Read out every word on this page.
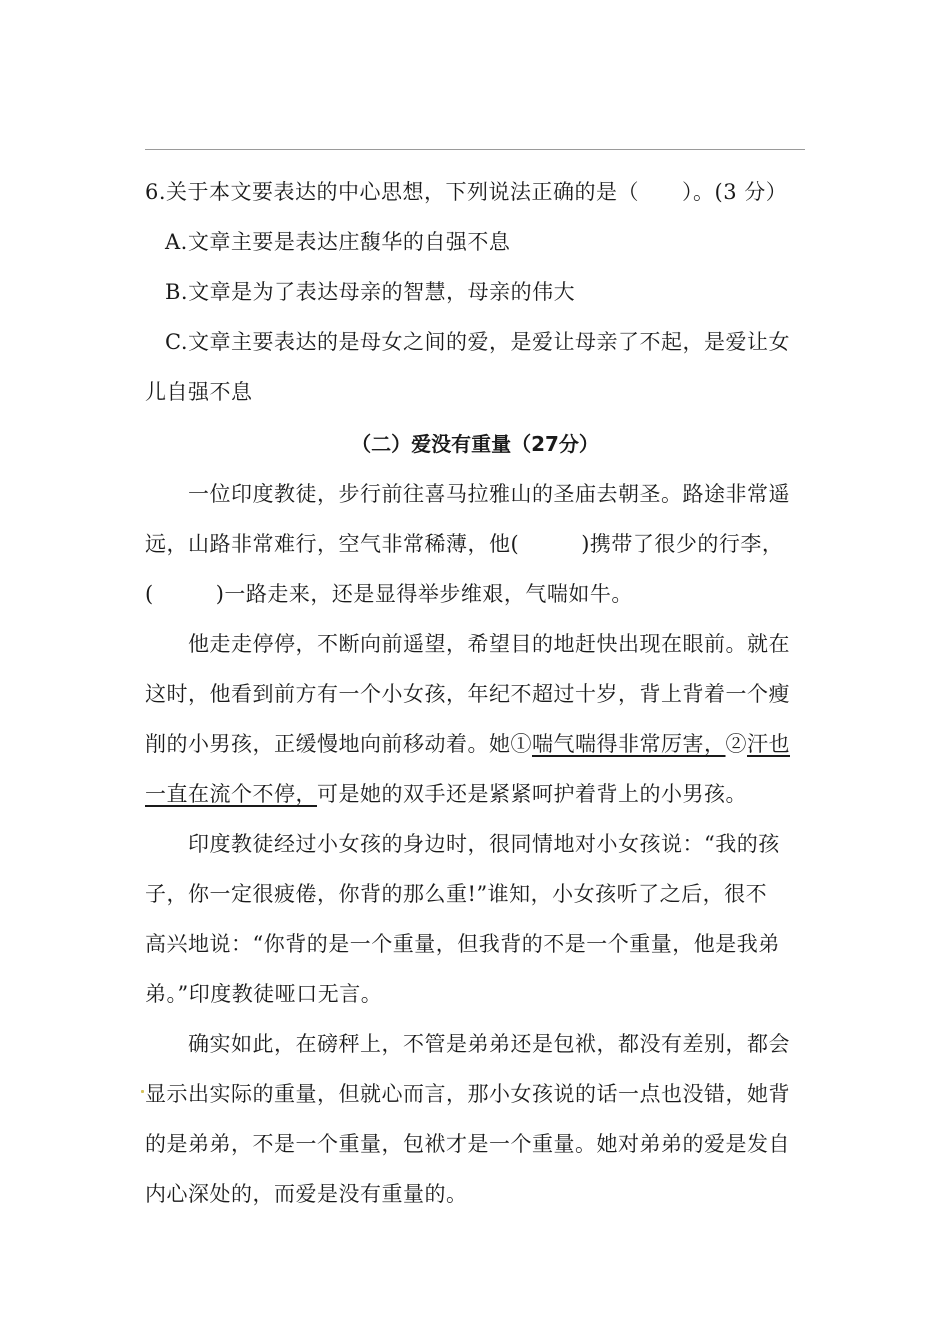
6.关于本文要表达的中心思想，下列说法正确的是（　　）。(3 分）
A.文章主要是表达庄馥华的自强不息
B.文章是为了表达母亲的智慧，母亲的伟大
C.文章主要表达的是母女之间的爱，是爱让母亲了不起，是爱让女
儿自强不息
（二）爱没有重量（27分）
一位印度教徒，步行前往喜马拉雅山的圣庙去朝圣。路途非常遥
远，山路非常难行，空气非常稀薄，他(	)携带了很少的行李，
(	)一路走来，还是显得举步维艰，气喘如牛。
他走走停停，不断向前遥望，希望目的地赶快出现在眼前。就在
这时，他看到前方有一个小女孩，年纪不超过十岁，背上背着一个瘦
削的小男孩，正缓慢地向前移动着。她①喘气喘得非常厉害，②汗也
一直在流个不停，可是她的双手还是紧紧呵护着背上的小男孩。
印度教徒经过小女孩的身边时，很同情地对小女孩说：“我的孩
子，你一定很疲倦，你背的那么重!”谁知，小女孩听了之后，很不
高兴地说：“你背的是一个重量，但我背的不是一个重量，他是我弟
弟。”印度教徒哑口无言。
确实如此，在磅秤上，不管是弟弟还是包袱，都没有差别，都会
显示出实际的重量，但就心而言，那小女孩说的话一点也没错，她背
的是弟弟，不是一个重量，包袱才是一个重量。她对弟弟的爱是发自
内心深处的，而爱是没有重量的。
